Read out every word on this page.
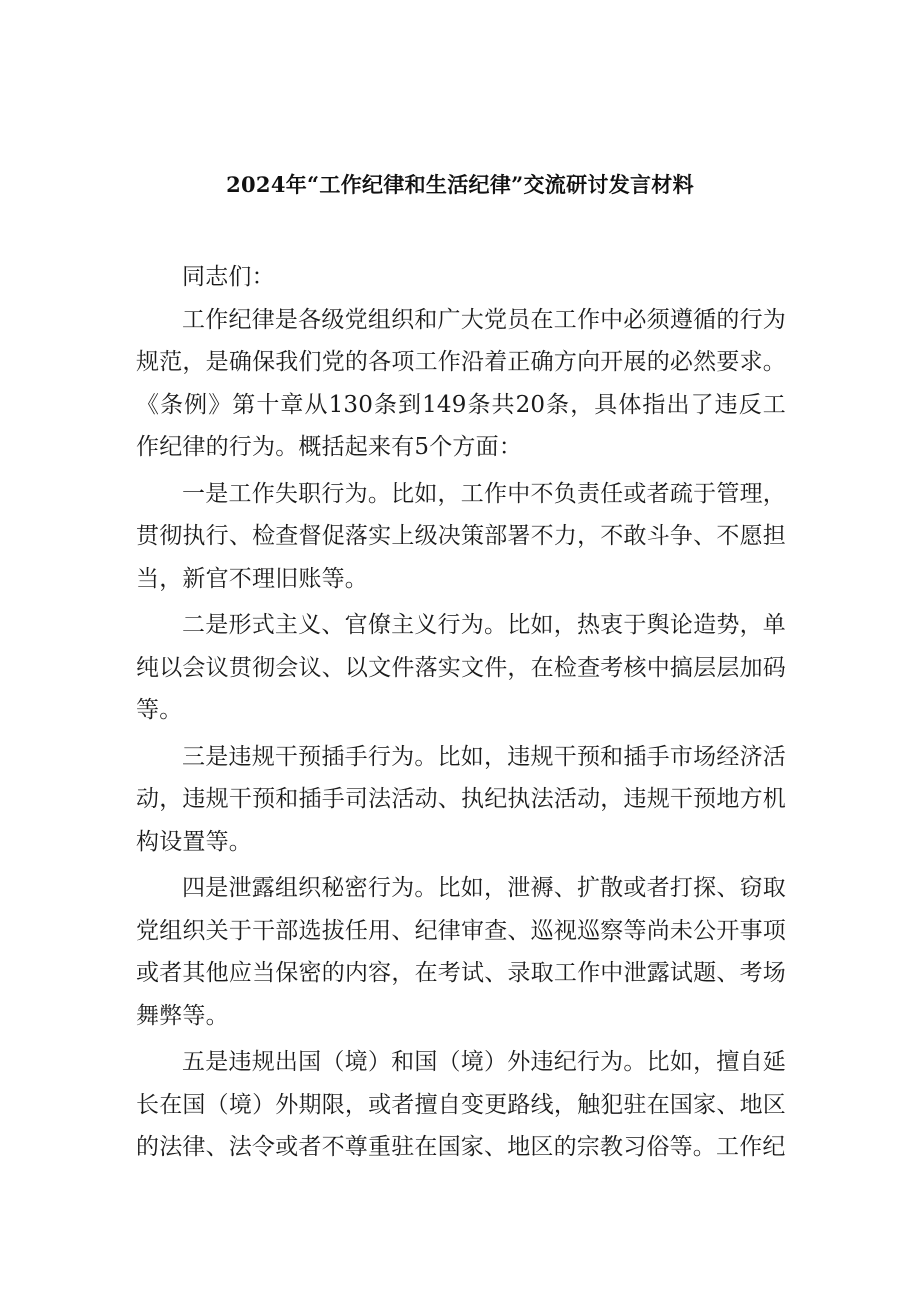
2024年“工作纪律和生活纪律”交流研讨发言材料

同志们：

工作纪律是各级党组织和广大党员在工作中必须遵循的行为规范，是确保我们党的各项工作沿着正确方向开展的必然要求。《条例》第十章从130条到149条共20条，具体指出了违反工作纪律的行为。概括起来有5个方面：

一是工作失职行为。比如，工作中不负责任或者疏于管理，贯彻执行、检查督促落实上级决策部署不力，不敢斗争、不愿担当，新官不理旧账等。

二是形式主义、官僚主义行为。比如，热衷于舆论造势，单纯以会议贯彻会议、以文件落实文件，在检查考核中搞层层加码等。

三是违规干预插手行为。比如，违规干预和插手市场经济活动，违规干预和插手司法活动、执纪执法活动，违规干预地方机构设置等。

四是泄露组织秘密行为。比如，泄褥、扩散或者打探、窃取党组织关于干部选拔任用、纪律审查、巡视巡察等尚未公开事项或者其他应当保密的内容，在考试、录取工作中泄露试题、考场舞弊等。

五是违规出国（境）和国（境）外违纪行为。比如，擅自延长在国（境）外期限，或者擅自变更路线，触犯驻在国家、地区的法律、法令或者不尊重驻在国家、地区的宗教习俗等。工作纪
